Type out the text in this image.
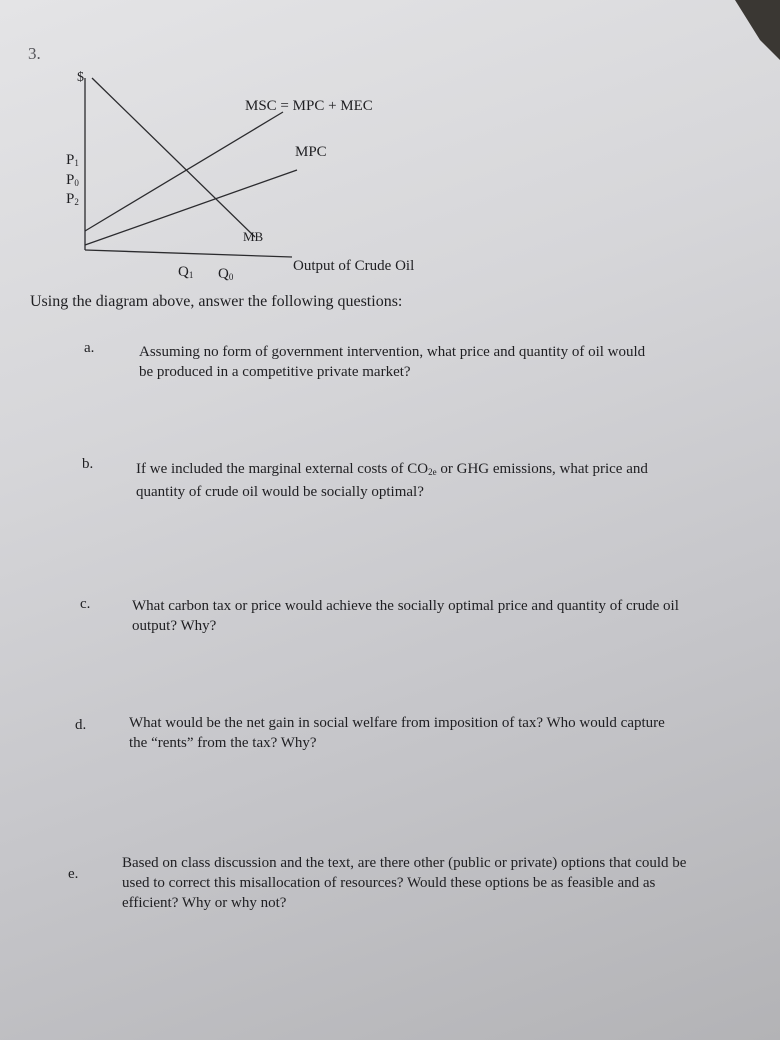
3.
$
MSC = MPC + MEC
MPC
MB
$P_1$
$P_0$
$P_2$
$Q_1$ $Q_0$
Output of Crude Oil
Using the diagram above, answer the following questions:
a.	Assuming no form of government intervention, what price and quantity of oil would be produced in a competitive private market?
b.	If we included the marginal external costs of $CO_{2e}$ or GHG emissions, what price and quantity of crude oil would be socially optimal?
c.	What carbon tax or price would achieve the socially optimal price and quantity of crude oil output? Why?
d.	What would be the net gain in social welfare from imposition of tax? Who would capture the “rents” from the tax? Why?
e.
Based on class discussion and the text, are there other (public or private) options that could be used to correct this misallocation of resources? Would these options be as feasible and as efficient? Why or why not?
